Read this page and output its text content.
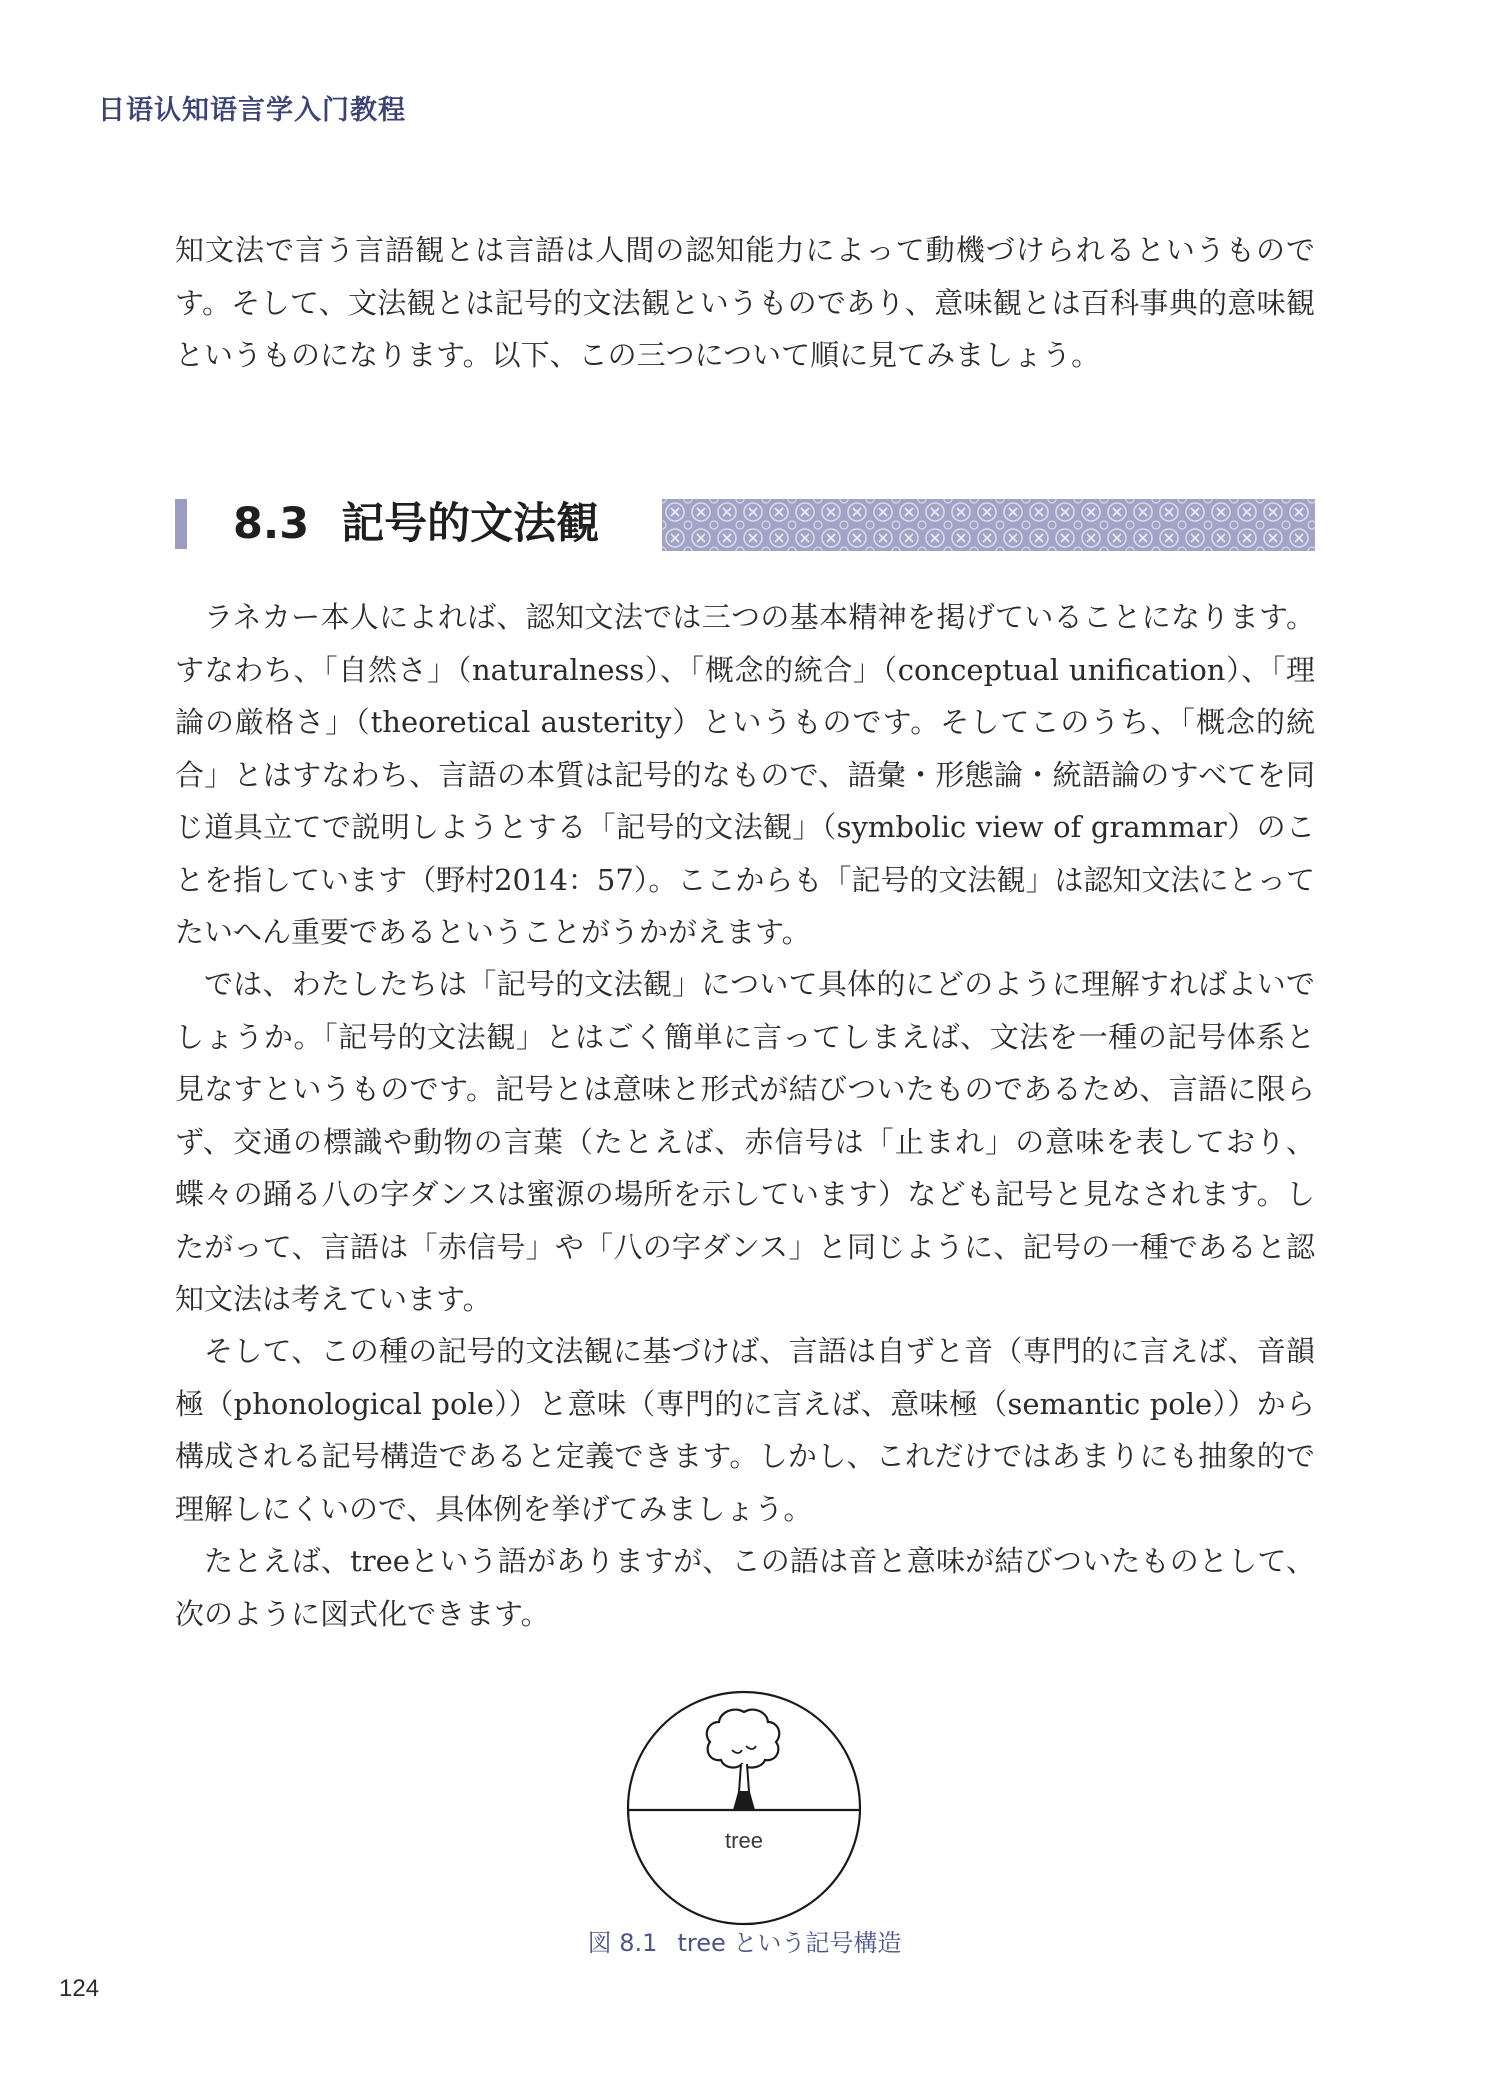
日语认知语言学入门教程

知文法で言う言語観とは言語は人間の認知能力によって動機づけられるというものです。そして、文法観とは記号的文法観というものであり、意味観とは百科事典的意味観というものになります。以下、この三つについて順に見てみましょう。

8.3 記号的文法観

ラネカー本人によれば、認知文法では三つの基本精神を掲げていることになります。すなわち、「自然さ」（naturalness）、「概念的統合」（conceptual unification）、「理論の厳格さ」（theoretical austerity）というものです。そしてこのうち、「概念的統合」とはすなわち、言語の本質は記号的なもので、語彙・形態論・統語論のすべてを同じ道具立てで説明しようとする「記号的文法観」（symbolic view of grammar）のことを指しています（野村2014：57）。ここからも「記号的文法観」は認知文法にとってたいへん重要であるということがうかがえます。

では、わたしたちは「記号的文法観」について具体的にどのように理解すればよいでしょうか。「記号的文法観」とはごく簡単に言ってしまえば、文法を一種の記号体系と見なすというものです。記号とは意味と形式が結びついたものであるため、言語に限らず、交通の標識や動物の言葉（たとえば、赤信号は「止まれ」の意味を表しており、蝶々の踊る八の字ダンスは蜜源の場所を示しています）なども記号と見なされます。したがって、言語は「赤信号」や「八の字ダンス」と同じように、記号の一種であると認知文法は考えています。

そして、この種の記号的文法観に基づけば、言語は自ずと音（専門的に言えば、音韻極（phonological pole））と意味（専門的に言えば、意味極（semantic pole））から構成される記号構造であると定義できます。しかし、これだけではあまりにも抽象的で理解しにくいので、具体例を挙げてみましょう。

たとえば、treeという語がありますが、この語は音と意味が結びついたものとして、次のように図式化できます。

tree
図 8.1 tree という記号構造
124
